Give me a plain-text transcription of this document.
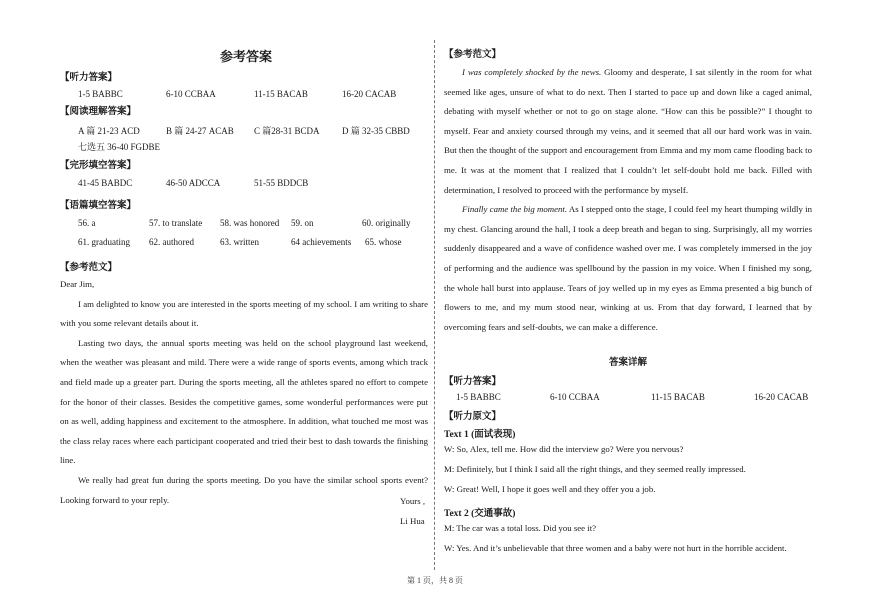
参考答案
【听力答案】
1-5 BABBC	6-10 CCBAA	11-15 BACAB	16-20 CACAB
【阅读理解答案】
A 篇 21-23 ACD	B 篇 24-27 ACAB C 篇28-31 BCDA D 篇 32-35 CBBD
七选五 36-40 FGDBE
【完形填空答案】
41-45 BABDC	46-50 ADCCA	51-55 BDDCB
【语篇填空答案】
56. a	57. to translate 58. was honored 59. on	60. originally
61. graduating 62. authored	63. written	64 achievements 65. whose
【参考范文】

Dear Jim,

I am delighted to know you are interested in the sports meeting of my school. I am writing to share with you some relevant details about it.

Lasting two days, the annual sports meeting was held on the school playground last weekend, when the weather was pleasant and mild. There were a wide range of sports events, among which track and field made up a greater part. During the sports meeting, all the athletes spared no effort to compete for the honor of their classes. Besides the competitive games, some wonderful performances were put on as well, adding happiness and excitement to the atmosphere. In addition, what touched me most was the class relay races where each participant cooperated and tried their best to dash towards the finishing line.

We really had great fun during the sports meeting. Do you have the similar school sports event? Looking forward to your reply.	Yours ,
Li Hua
【参考范文】

I was completely shocked by the news. Gloomy and desperate, I sat silently in the room for what seemed like ages, unsure of what to do next. Then I started to pace up and down like a caged animal, debating with myself whether or not to go on stage alone. “How can this be possible?” I thought to myself. Fear and anxiety coursed through my veins, and it seemed that all our hard work was in vain. But then the thought of the support and encouragement from Emma and my mom came flooding back to me. It was at the moment that I realized that I couldn’t let self-doubt hold me back. Filled with determination, I resolved to proceed with the performance by myself.

Finally came the big moment. As I stepped onto the stage, I could feel my heart thumping wildly in my chest. Glancing around the hall, I took a deep breath and began to sing. Surprisingly, all my worries suddenly disappeared and a wave of confidence washed over me. I was completely immersed in the joy of performing and the audience was spellbound by the passion in my voice. When I finished my song, the whole hall burst into applause. Tears of joy welled up in my eyes as Emma presented a big bunch of flowers to me, and my mum stood near, winking at us. From that day forward, I learned that by overcoming fears and self-doubts, we can make a difference.

答案详解
【听力答案】
1-5 BABBC	6-10 CCBAA	11-15 BACAB	16-20 CACAB
【听力原文】
Text 1 (面试表现)
W: So, Alex, tell me. How did the interview go? Were you nervous?
M: Definitely, but I think I said all the right things, and they seemed really impressed.
W: Great! Well, I hope it goes well and they offer you a job.
Text 2 (交通事故)
M: The car was a total loss. Did you see it?
W: Yes. And it’s unbelievable that three women and a baby were not hurt in the horrible accident.
第 1 页，共 8 页
